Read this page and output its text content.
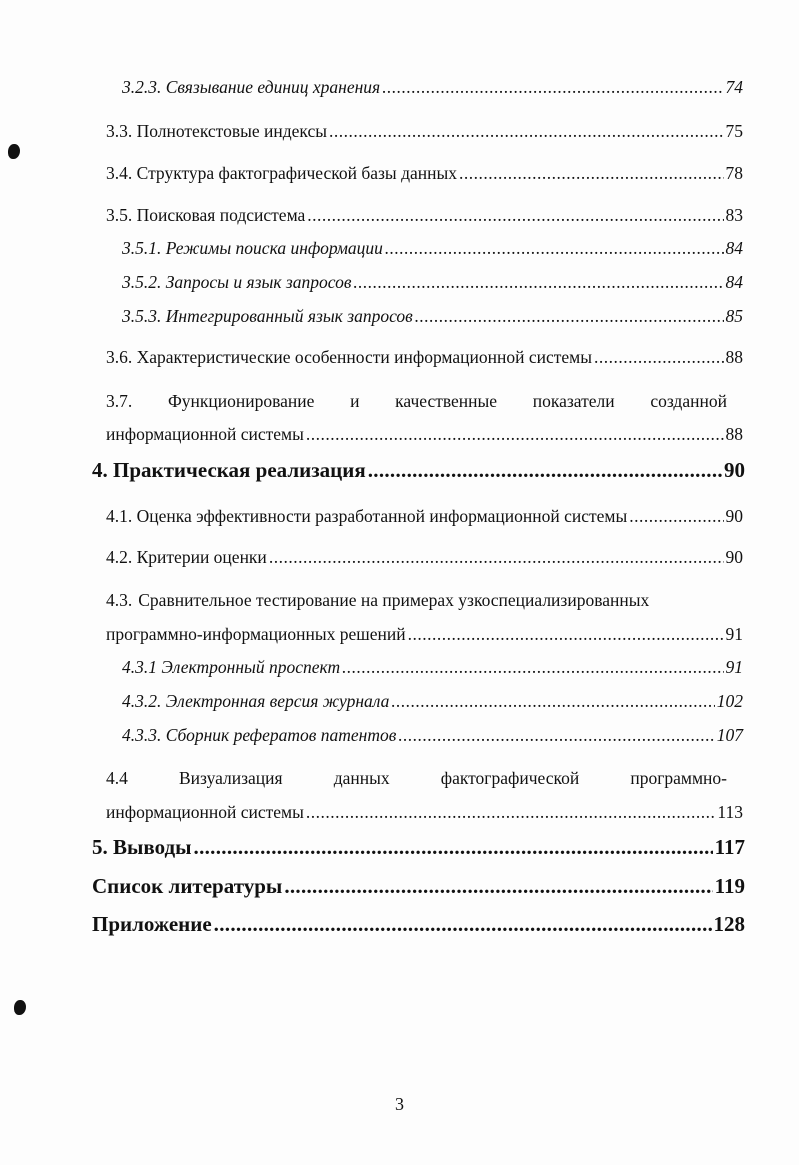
3.2.3. Связывание единиц хранения .....	74
3.3. Полнотекстовые индексы .....	75
3.4. Структура фактографической базы данных .....	78
3.5. Поисковая подсистема .....	83
3.5.1. Режимы поиска информации .....	84
3.5.2. Запросы и язык запросов .....	84
3.5.3. Интегрированный язык запросов .....	85
3.6. Характеристические особенности информационной системы .....	88
3.7. Функционирование и качественные показатели созданной
информационной системы .....	88
4. Практическая реализация .....	90
4.1. Оценка эффективности разработанной информационной системы .....	90
4.2. Критерии оценки .....	90
4.3. Сравнительное тестирование на примерах узкоспециализированных
программно-информационных решений .....	91
4.3.1 Электронный проспект .....	91
4.3.2. Электронная версия журнала .....	102
4.3.3. Сборник рефератов патентов .....	107
4.4	Визуализация	данных	фактографической	программно-
информационной системы .....	113
5. Выводы .....	117
Список литературы .....	119
Приложение .....	128
3
